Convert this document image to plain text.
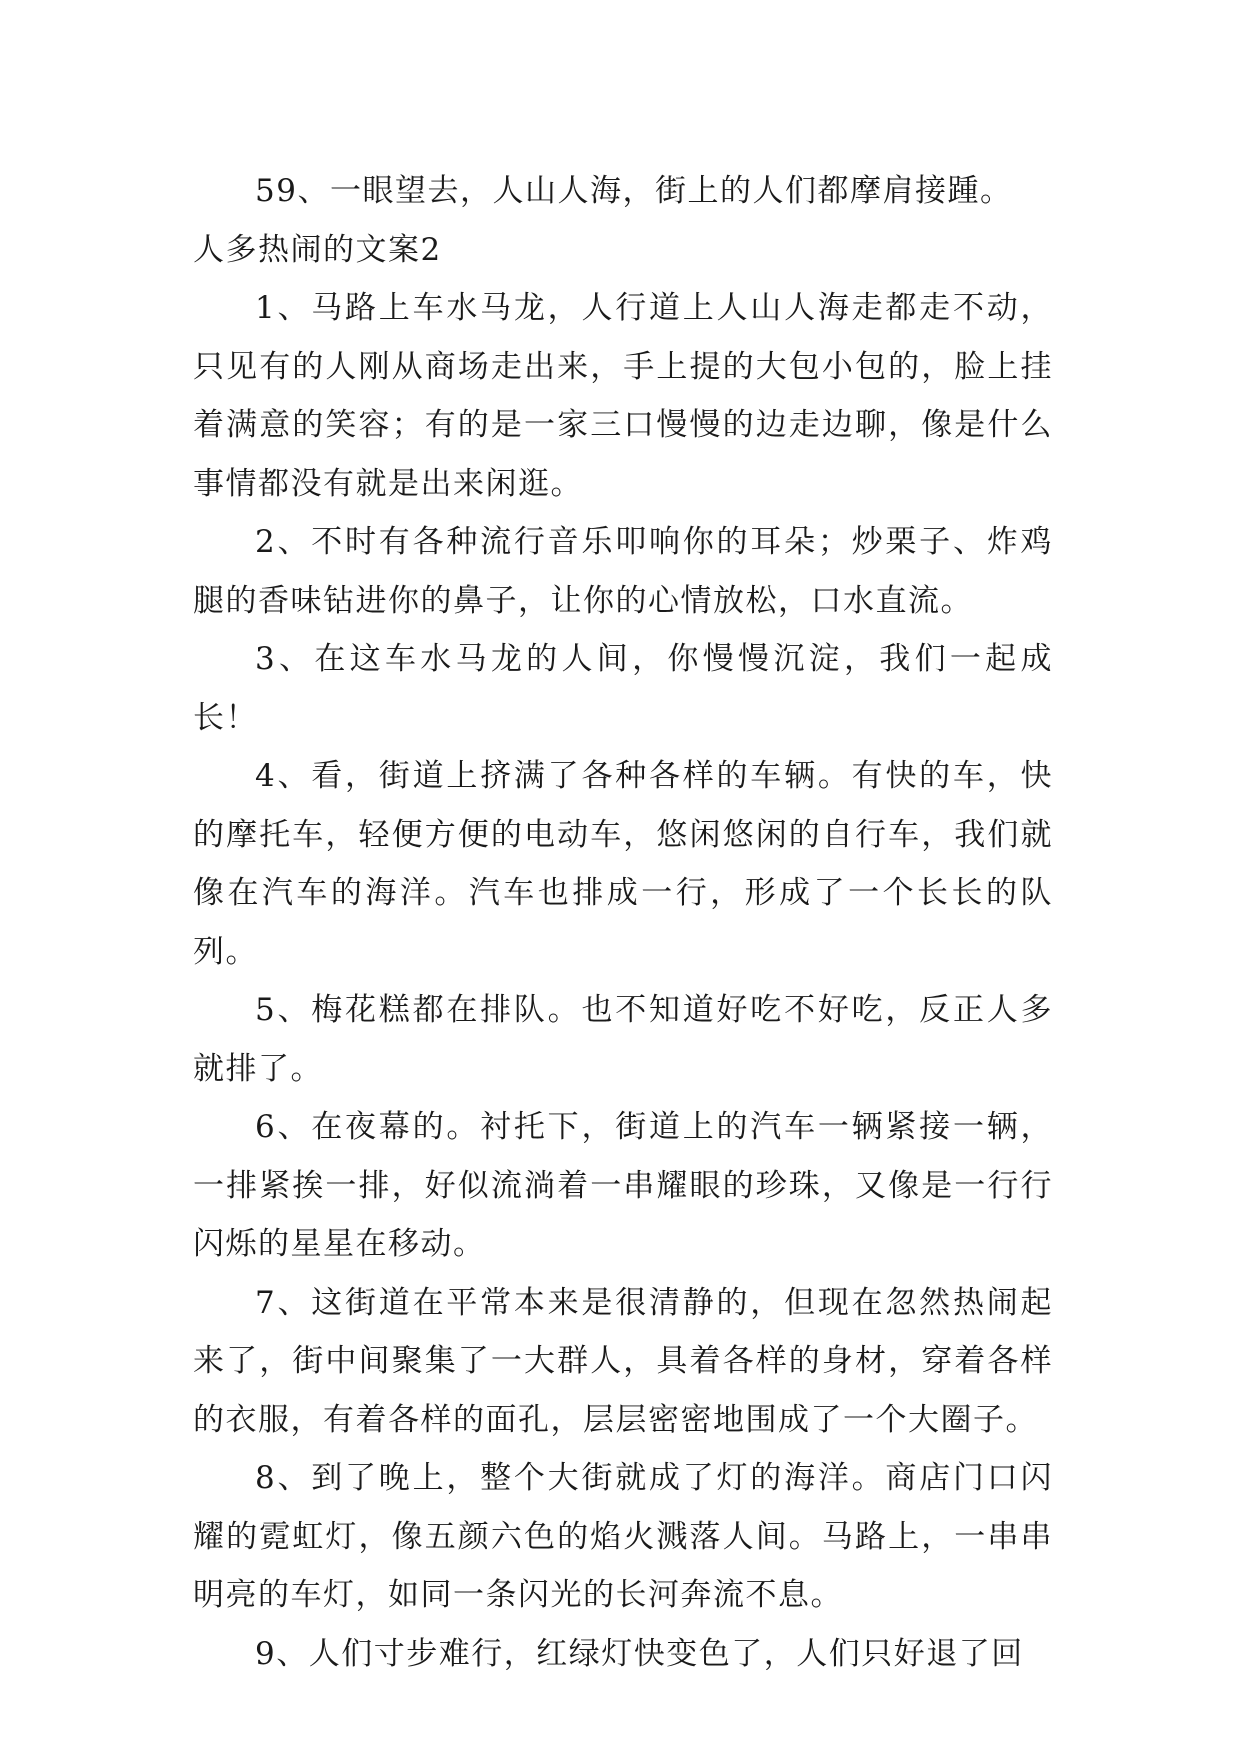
59、一眼望去，人山人海，街上的人们都摩肩接踵。

人多热闹的文案2

1、马路上车水马龙，人行道上人山人海走都走不动，只见有的人刚从商场走出来，手上提的大包小包的，脸上挂着满意的笑容；有的是一家三口慢慢的边走边聊，像是什么事情都没有就是出来闲逛。

2、不时有各种流行音乐叩响你的耳朵；炒栗子、炸鸡腿的香味钻进你的鼻子，让你的心情放松，口水直流。

3、在这车水马龙的人间，你慢慢沉淀，我们一起成长！

4、看，街道上挤满了各种各样的车辆。有快的车，快的摩托车，轻便方便的电动车，悠闲悠闲的自行车，我们就像在汽车的海洋。汽车也排成一行，形成了一个长长的队列。

5、梅花糕都在排队。也不知道好吃不好吃，反正人多就排了。

6、在夜幕的。衬托下，街道上的汽车一辆紧接一辆，一排紧挨一排，好似流淌着一串耀眼的珍珠，又像是一行行闪烁的星星在移动。

7、这街道在平常本来是很清静的，但现在忽然热闹起来了，街中间聚集了一大群人，具着各样的身材，穿着各样的衣服，有着各样的面孔，层层密密地围成了一个大圈子。

8、到了晚上，整个大街就成了灯的海洋。商店门口闪耀的霓虹灯，像五颜六色的焰火溅落人间。马路上，一串串明亮的车灯，如同一条闪光的长河奔流不息。

9、人们寸步难行，红绿灯快变色了，人们只好退了回
